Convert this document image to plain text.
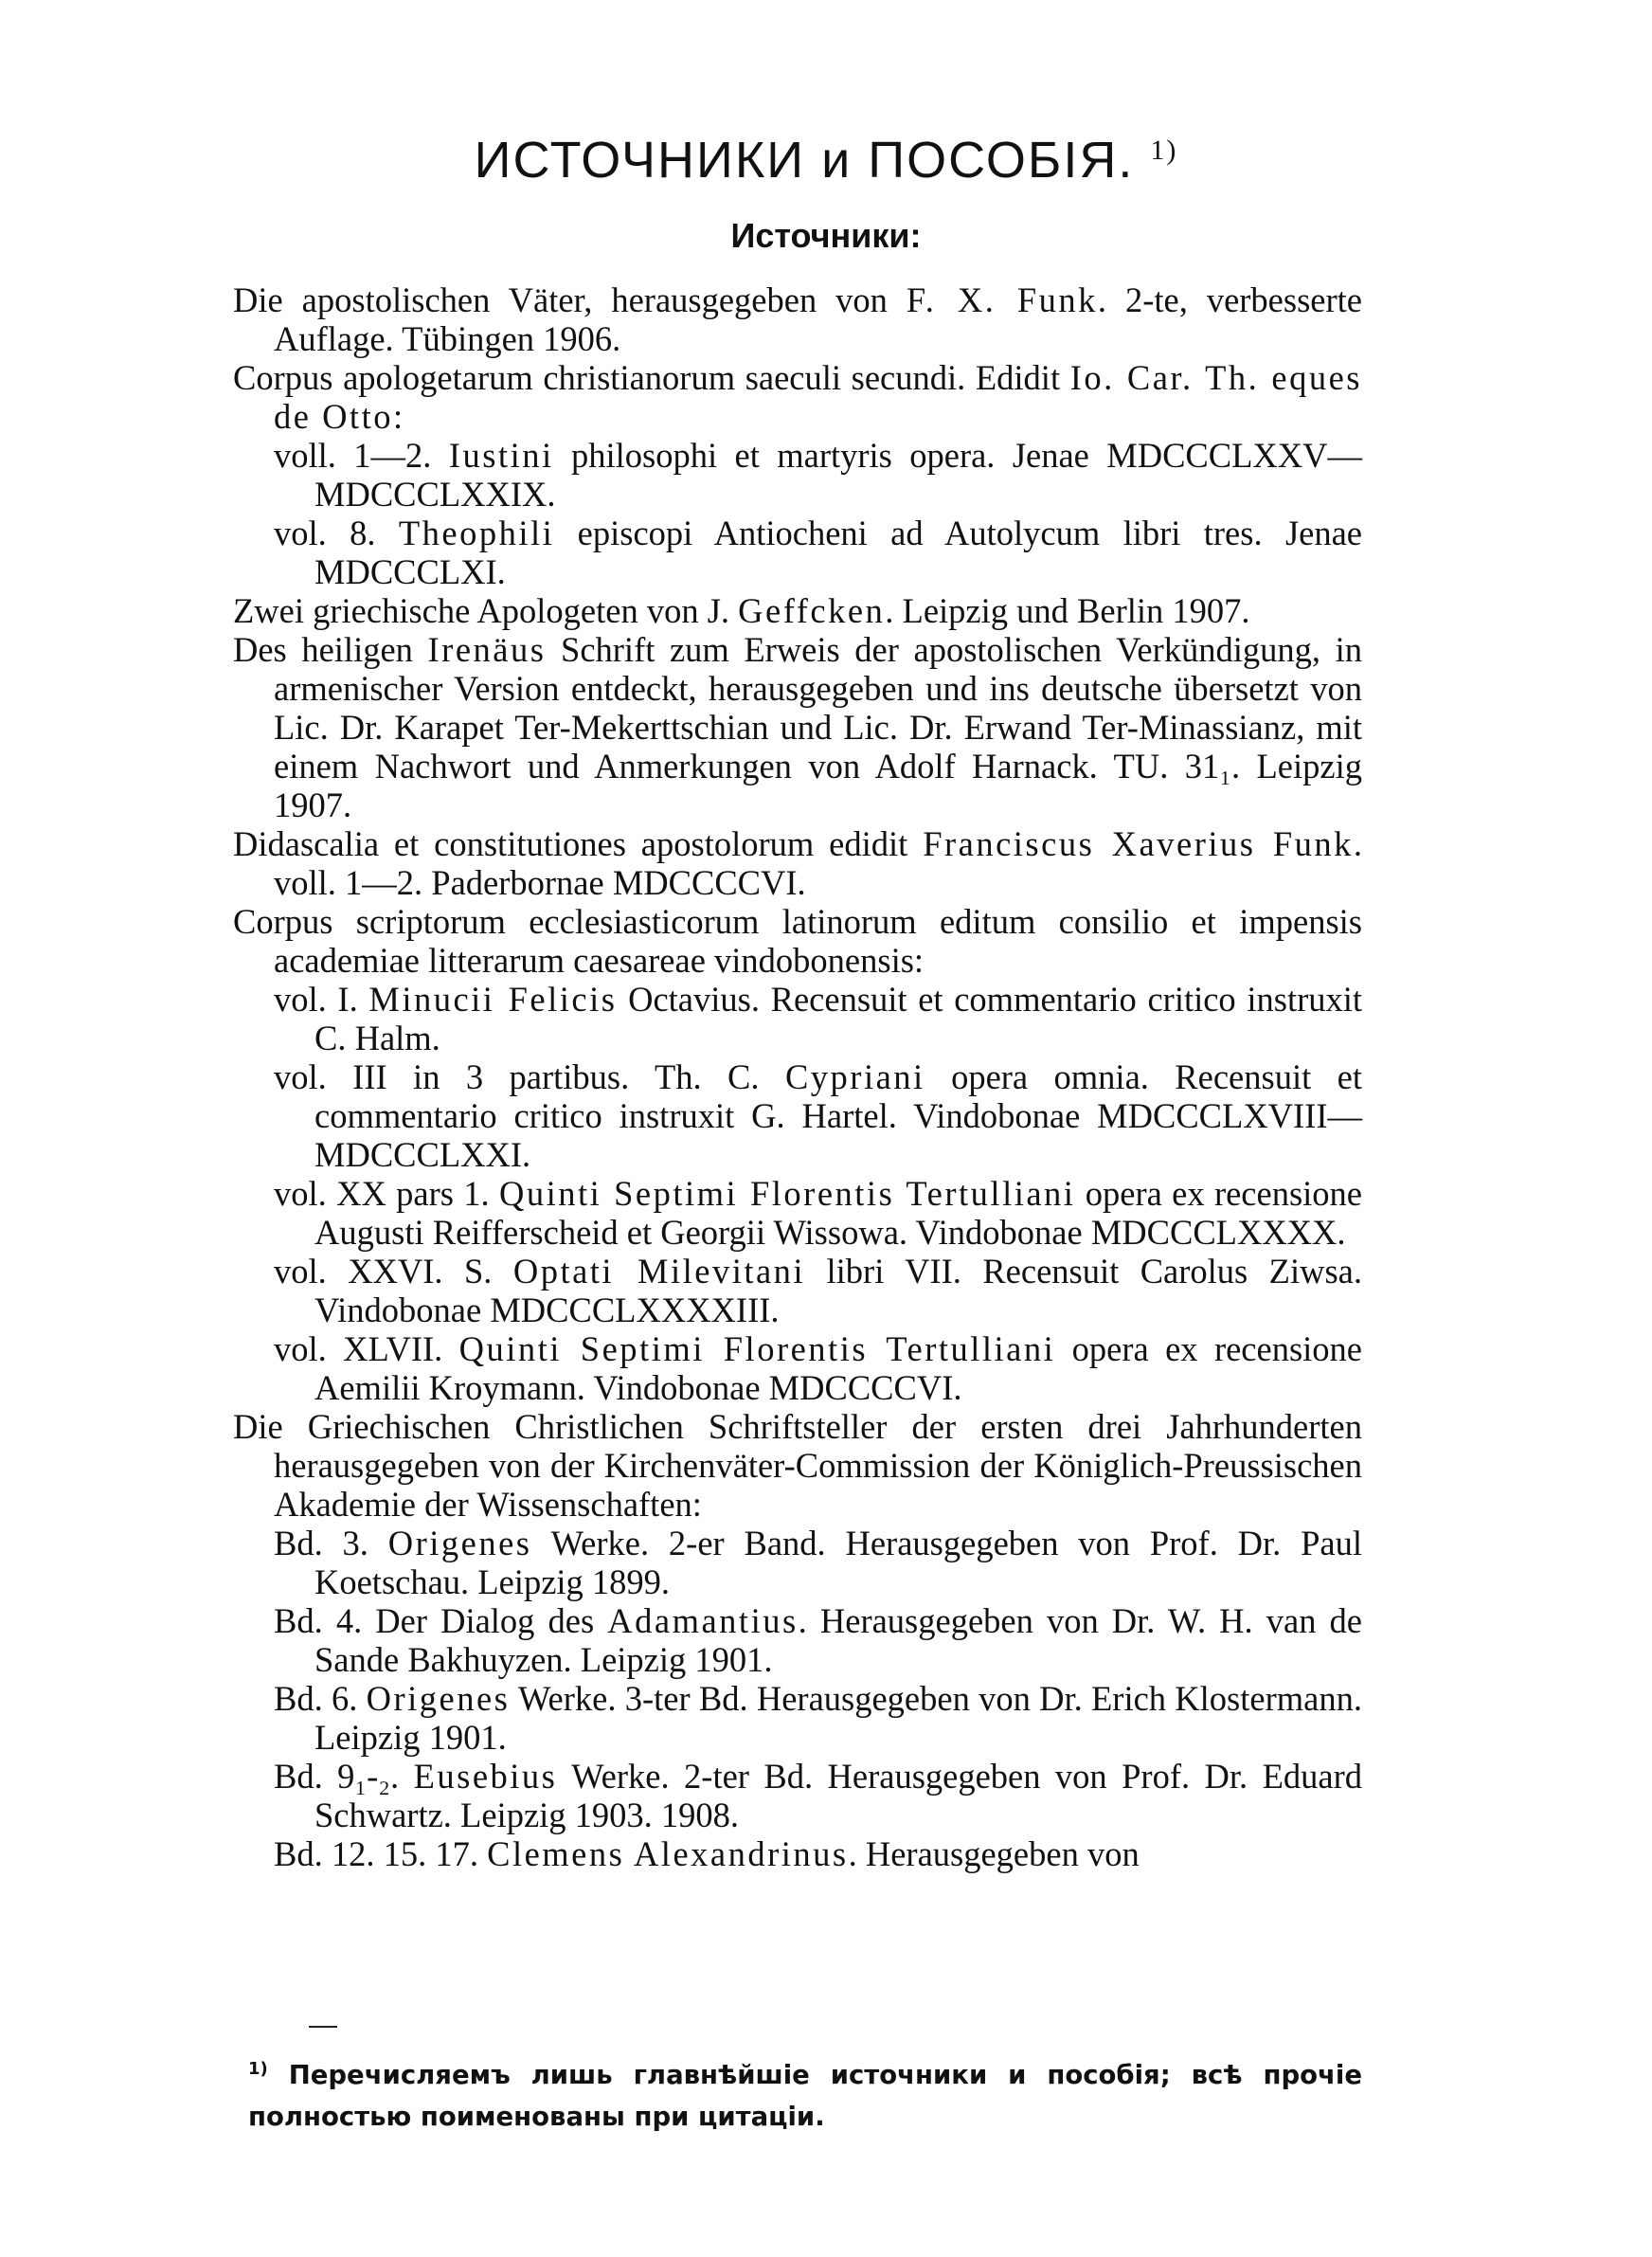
ИСТОЧНИКИ и ПОСОБІЯ. $^{1)}$
Источники:

Die apostolischen Väter, herausgegeben von F. X. Funk. 2-te, verbesserte Auflage. Tübingen 1906.

Corpus apologetarum christianorum saeculi secundi. Edidit Io. Car. Th. eques de Otto:

voll. 1—2. Iustini philosophi et martyris opera. Jenae MDCCCLXXV—MDCCCLXXIX.

vol. 8. Theophili episcopi Antiocheni ad Autolycum libri tres. Jenae MDCCCLXI.

Zwei griechische Apologeten von J. Geffcken. Leipzig und Berlin 1907.

Des heiligen Irenäus Schrift zum Erweis der apostolischen Verkündigung, in armenischer Version entdeckt, herausgegeben und ins deutsche übersetzt von Lic. Dr. Karapet Ter-Mekerttschian und Lic. Dr. Erwand Ter-Minassianz, mit einem Nachwort und Anmerkungen von Adolf Harnack. TU. 31₁. Leipzig 1907.

Didascalia et constitutiones apostolorum edidit Franciscus Xaverius Funk. voll. 1—2. Paderbornae MDCCCCVI.

Corpus scriptorum ecclesiasticorum latinorum editum consilio et impensis academiae litterarum caesareae vindobonensis:

vol. I. Minucii Felicis Octavius. Recensuit et commentario critico instruxit C. Halm.

vol. III in 3 partibus. Th. C. Cypriani opera omnia. Recensuit et commentario critico instruxit G. Hartel. Vindobonae MDCCCLXVIII—MDCCCLXXI.

vol. XX pars 1. Quinti Septimi Florentis Tertulliani opera ex recensione Augusti Reifferscheid et Georgii Wissowa. Vindobonae MDCCCLXXXX.

vol. XXVI. S. Optati Milevitani libri VII. Recensuit Carolus Ziwsa. Vindobonae MDCCCLXXXXIII.

vol. XLVII. Quinti Septimi Florentis Tertulliani opera ex recensione Aemilii Kroymann. Vindobonae MDCCCCVI.

Die Griechischen Christlichen Schriftsteller der ersten drei Jahrhunderten herausgegeben von der Kirchenväter-Commission der Königlich-Preussischen Akademie der Wissenschaften:

Bd. 3. Origenes Werke. 2-er Band. Herausgegeben von Prof. Dr. Paul Koetschau. Leipzig 1899.

Bd. 4. Der Dialog des Adamantius. Herausgegeben von Dr. W. H. van de Sande Bakhuyzen. Leipzig 1901.

Bd. 6. Origenes Werke. 3-ter Bd. Herausgegeben von Dr. Erich Klostermann. Leipzig 1901.

Bd. 9₁-₂. Eusebius Werke. 2-ter Bd. Herausgegeben von Prof. Dr. Eduard Schwartz. Leipzig 1903. 1908.

Bd. 12. 15. 17. Clemens Alexandrinus. Herausgegeben von

$^{1)}$ Перечисляемъ лишь главнѣйшіе источники и пособія; всѣ прочіе полностью поименованы при цитаціи.
